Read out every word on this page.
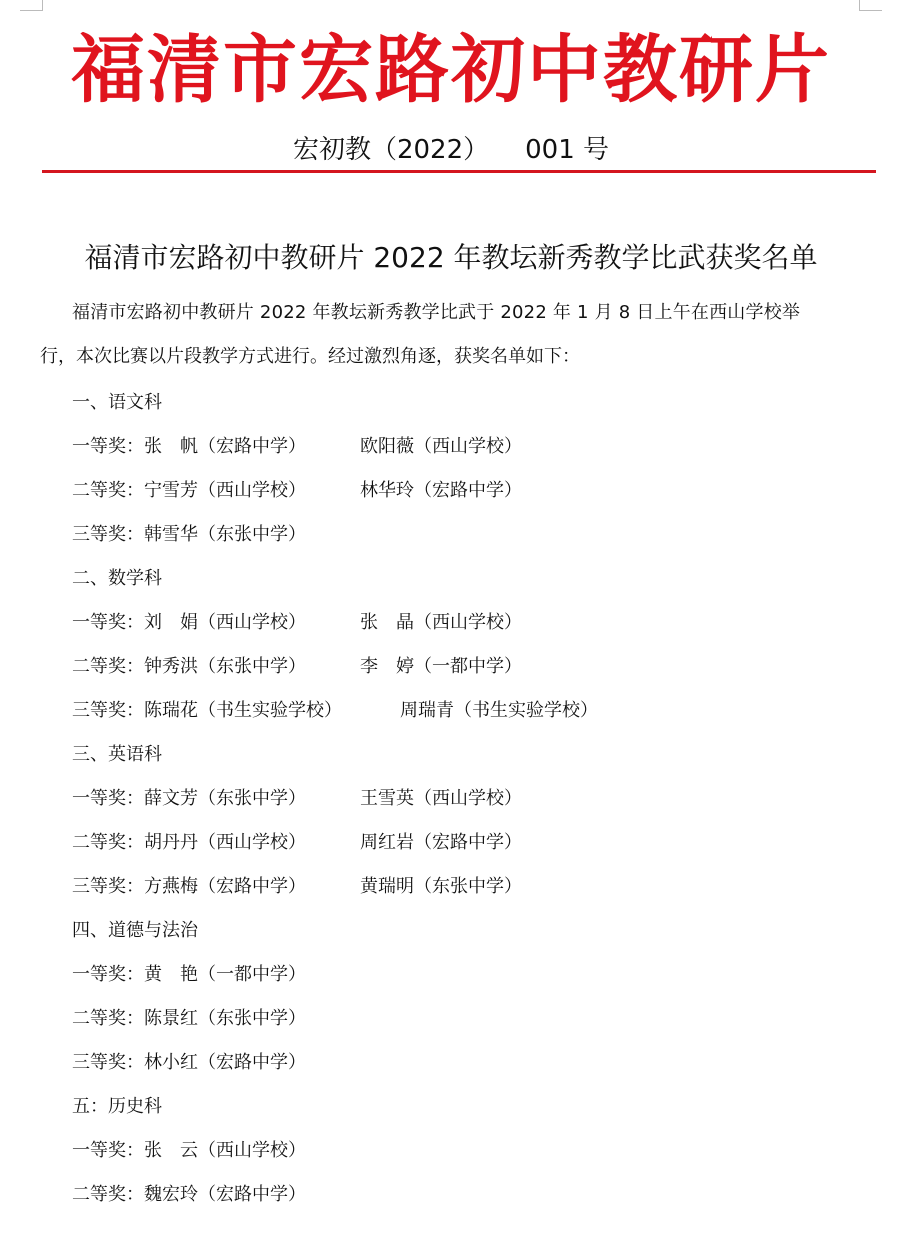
福清市宏路初中教研片
宏初教（2022） 001 号
福清市宏路初中教研片 2022 年教坛新秀教学比武获奖名单
福清市宏路初中教研片 2022 年教坛新秀教学比武于 2022 年 1 月 8 日上午在西山学校举
行，本次比赛以片段教学方式进行。经过激烈角逐，获奖名单如下：
一、语文科
一等奖： 张　帆（宏路中学）	欧阳薇（西山学校）
二等奖： 宁雪芳（西山学校）	林华玲（宏路中学）
三等奖： 韩雪华（东张中学）
二、数学科
一等奖： 刘　娟（西山学校）	张　晶（西山学校）
二等奖： 钟秀洪（东张中学）	李　婷（一都中学）
三等奖： 陈瑞花（书生实验学校）	周瑞青（书生实验学校）
三、英语科
一等奖： 薛文芳（东张中学）	王雪英（西山学校）
二等奖： 胡丹丹（西山学校）	周红岩（宏路中学）
三等奖： 方燕梅（宏路中学）	黄瑞明（东张中学）
四、道德与法治
一等奖： 黄　艳（一都中学）
二等奖： 陈景红（东张中学）
三等奖： 林小红（宏路中学）
五：历史科
一等奖： 张　云（西山学校）
二等奖： 魏宏玲（宏路中学）
